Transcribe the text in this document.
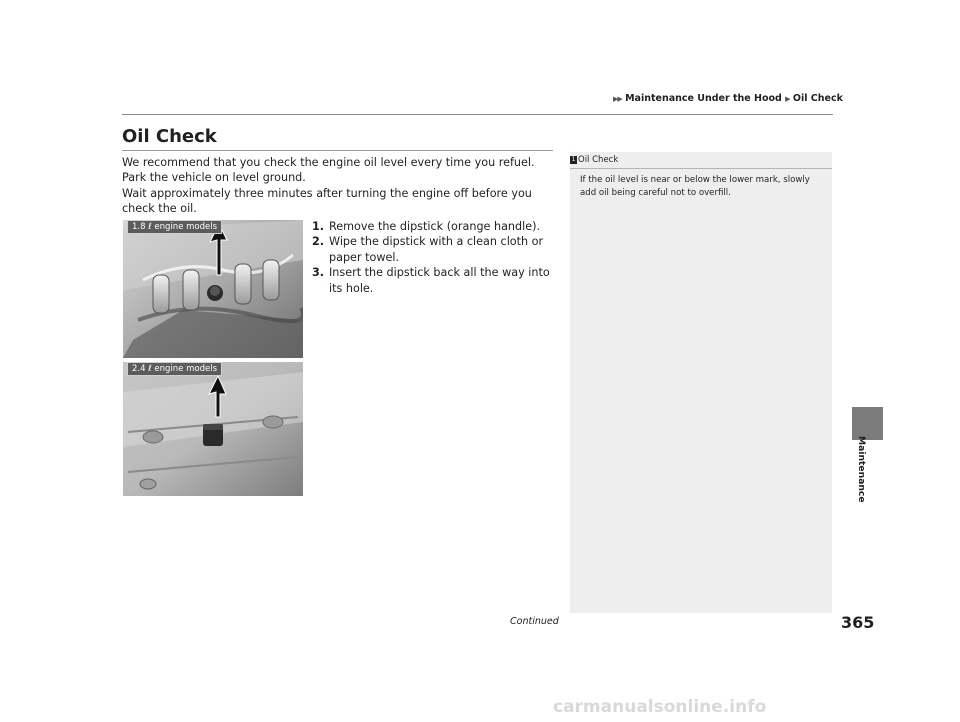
▶▶ Maintenance Under the Hood ▶ Oil Check
Oil Check

We recommend that you check the engine oil level every time you refuel.

Park the vehicle on level ground.

Wait approximately three minutes after turning the engine off before you check the oil.

1. Remove the dipstick (orange handle).
2. Wipe the dipstick with a clean cloth or paper towel.
3. Insert the dipstick back all the way into its hole.
1.8 ℓ engine models
2.4 ℓ engine models
1 Oil Check
If the oil level is near or below the lower mark, slowly add oil being careful not to overfill.
Maintenance
Continued	365
carmanualsonline.info
